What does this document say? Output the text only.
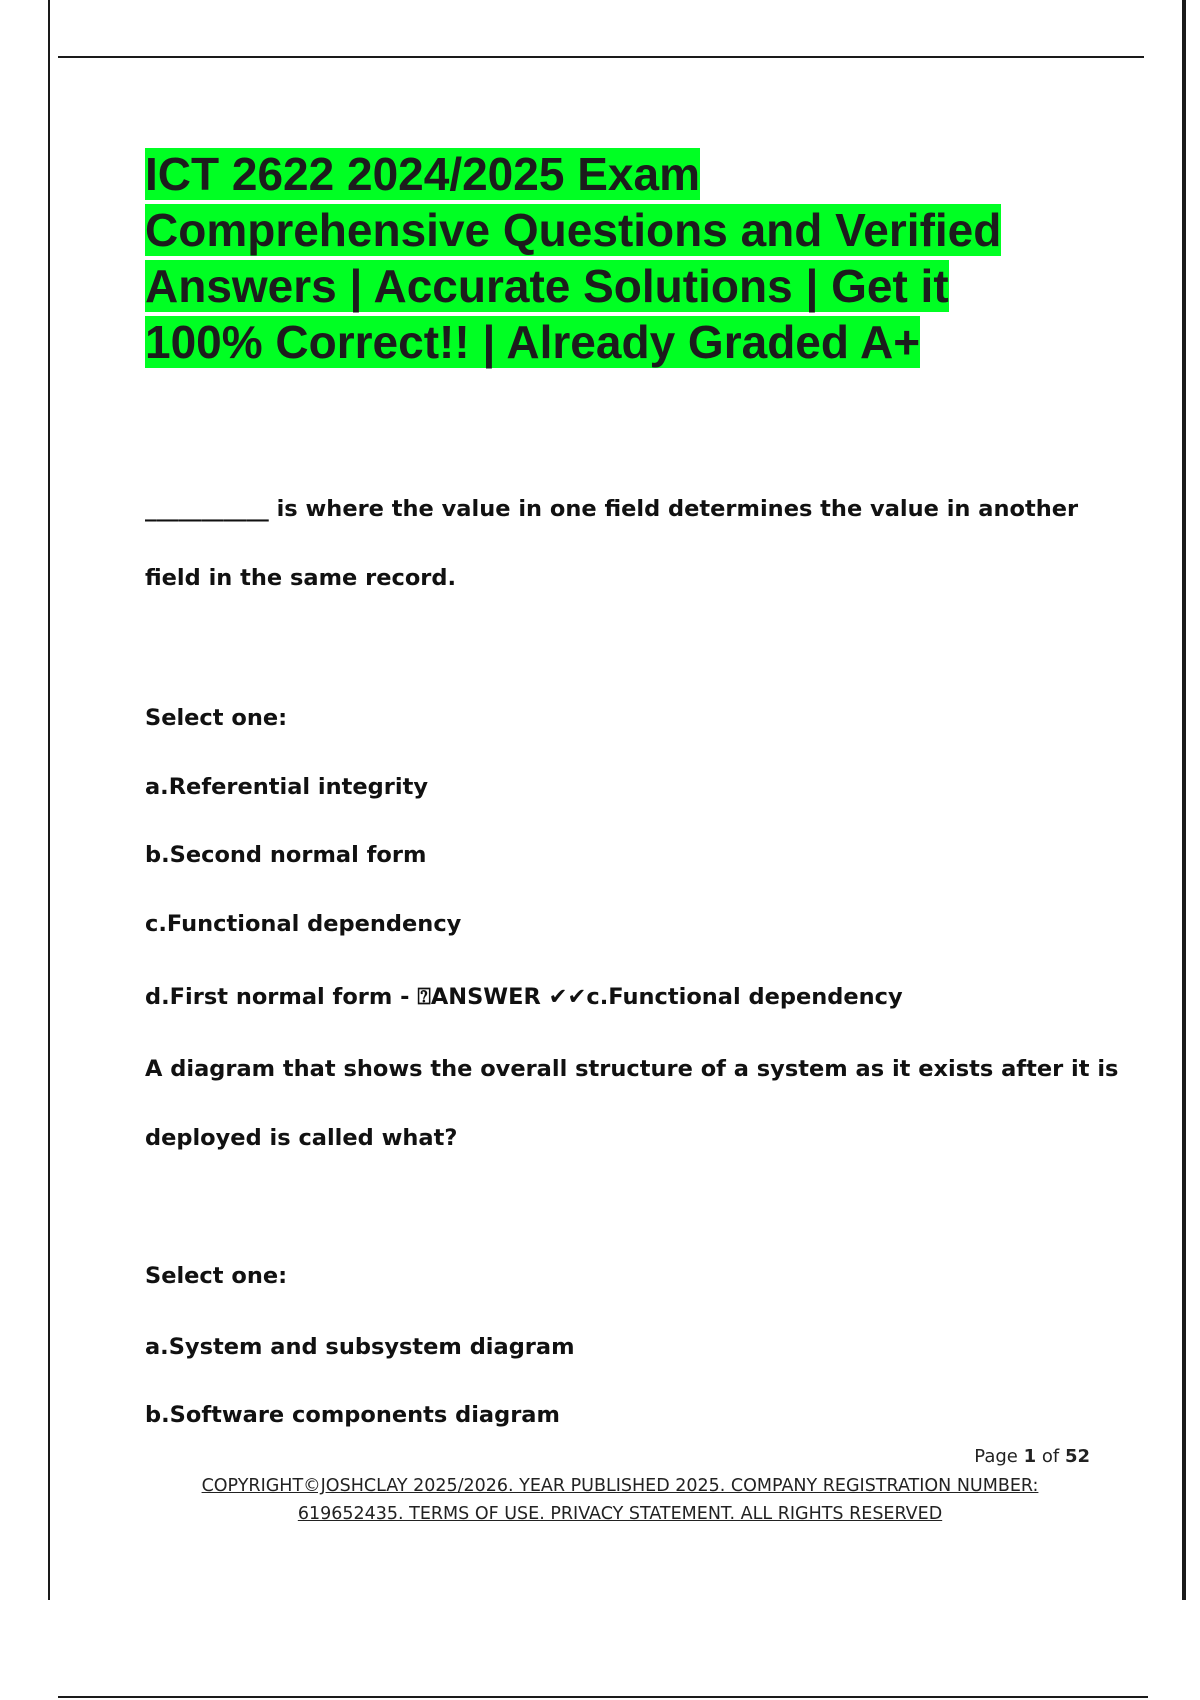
ICT 2622 2024/2025 Exam
Comprehensive Questions and Verified
Answers | Accurate Solutions | Get it
100% Correct!! | Already Graded A+

___________ is where the value in one field determines the value in another

field in the same record.

Select one:

a.Referential integrity

b.Second normal form

c.Functional dependency

d.First normal form - ⍰ANSWER ✔✔c.Functional dependency

A diagram that shows the overall structure of a system as it exists after it is

deployed is called what?

Select one:

a.System and subsystem diagram

b.Software components diagram

Page 1 of 52

COPYRIGHT©JOSHCLAY 2025/2026. YEAR PUBLISHED 2025. COMPANY REGISTRATION NUMBER:
619652435. TERMS OF USE. PRIVACY STATEMENT. ALL RIGHTS RESERVED
